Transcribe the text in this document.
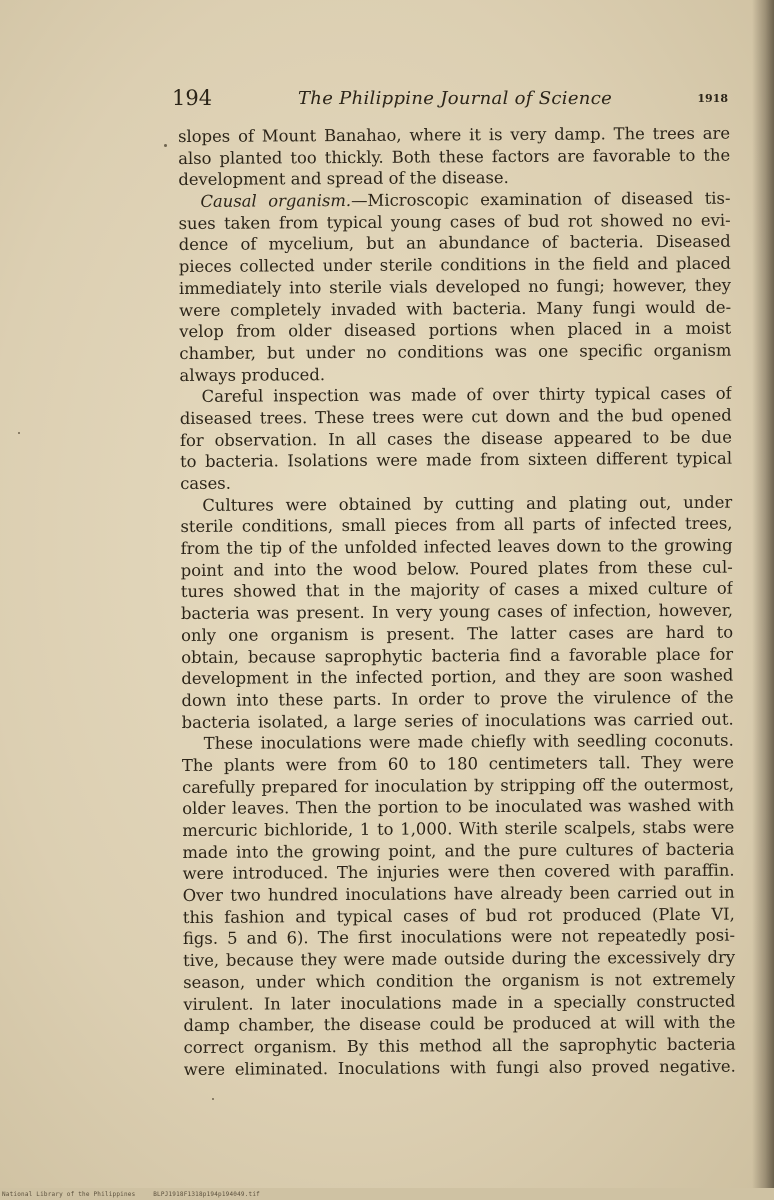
194	The Philippine Journal of Science	1918
slopes of Mount Banahao, where it is very damp. The trees are
also planted too thickly. Both these factors are favorable to the
development and spread of the disease.
Causal organism.—Microscopic examination of diseased tis-
sues taken from typical young cases of bud rot showed no evi-
dence of mycelium, but an abundance of bacteria. Diseased
pieces collected under sterile conditions in the field and placed
immediately into sterile vials developed no fungi; however, they
were completely invaded with bacteria. Many fungi would de-
velop from older diseased portions when placed in a moist
chamber, but under no conditions was one specific organism
always produced.
Careful inspection was made of over thirty typical cases of
diseased trees. These trees were cut down and the bud opened
for observation. In all cases the disease appeared to be due
to bacteria. Isolations were made from sixteen different typical
cases.
Cultures were obtained by cutting and plating out, under
sterile conditions, small pieces from all parts of infected trees,
from the tip of the unfolded infected leaves down to the growing
point and into the wood below. Poured plates from these cul-
tures showed that in the majority of cases a mixed culture of
bacteria was present. In very young cases of infection, however,
only one organism is present. The latter cases are hard to
obtain, because saprophytic bacteria find a favorable place for
development in the infected portion, and they are soon washed
down into these parts. In order to prove the virulence of the
bacteria isolated, a large series of inoculations was carried out.
These inoculations were made chiefly with seedling coconuts.
The plants were from 60 to 180 centimeters tall. They were
carefully prepared for inoculation by stripping off the outermost,
older leaves. Then the portion to be inoculated was washed with
mercuric bichloride, 1 to 1,000. With sterile scalpels, stabs were
made into the growing point, and the pure cultures of bacteria
were introduced. The injuries were then covered with paraffin.
Over two hundred inoculations have already been carried out in
this fashion and typical cases of bud rot produced (Plate VI,
figs. 5 and 6). The first inoculations were not repeatedly posi-
tive, because they were made outside during the excessively dry
season, under which condition the organism is not extremely
virulent. In later inoculations made in a specially constructed
damp chamber, the disease could be produced at will with the
correct organism. By this method all the saprophytic bacteria
were eliminated. Inoculations with fungi also proved negative.
National Library of the Philippines	BLPJ1918F1318p194p194049.tif
